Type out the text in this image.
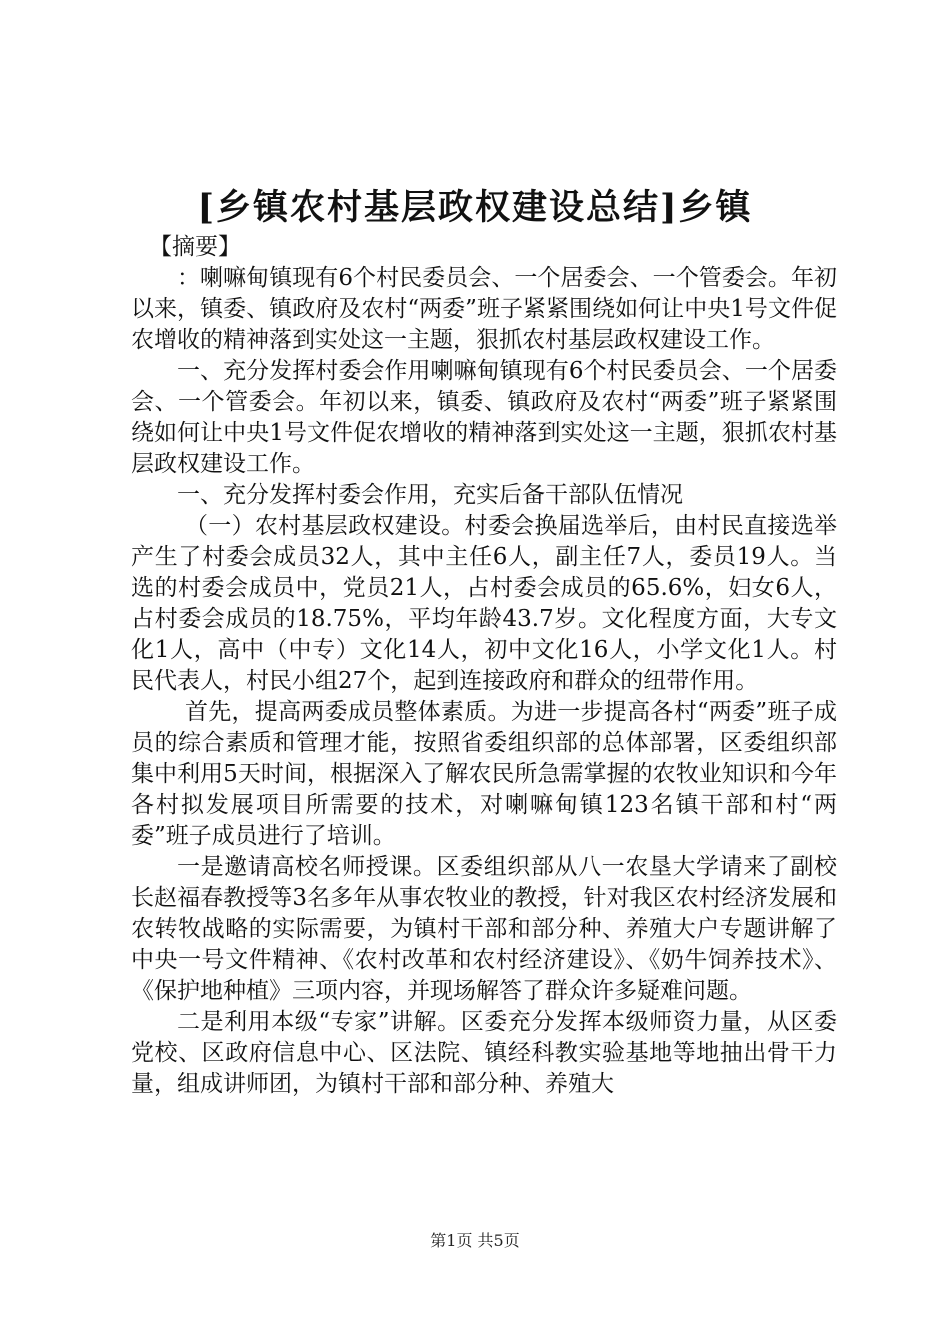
[乡镇农村基层政权建设总结]乡镇

【摘要】

：喇嘛甸镇现有6个村民委员会、一个居委会、一个管委会。年初以来，镇委、镇政府及农村“两委”班子紧紧围绕如何让中央1号文件促农增收的精神落到实处这一主题，狠抓农村基层政权建设工作。

一、充分发挥村委会作用喇嘛甸镇现有6个村民委员会、一个居委会、一个管委会。年初以来，镇委、镇政府及农村“两委”班子紧紧围绕如何让中央1号文件促农增收的精神落到实处这一主题，狠抓农村基层政权建设工作。

一、充分发挥村委会作用，充实后备干部队伍情况

（一）农村基层政权建设。村委会换届选举后，由村民直接选举产生了村委会成员32人，其中主任6人，副主任7人，委员19人。当选的村委会成员中，党员21人，占村委会成员的65.6%，妇女6人，占村委会成员的18.75%，平均年龄43.7岁。文化程度方面，大专文化1人，高中（中专）文化14人，初中文化16人，小学文化1人。村民代表人，村民小组27个，起到连接政府和群众的纽带作用。

首先，提高两委成员整体素质。为进一步提高各村“两委”班子成员的综合素质和管理才能，按照省委组织部的总体部署，区委组织部集中利用5天时间，根据深入了解农民所急需掌握的农牧业知识和今年各村拟发展项目所需要的技术，对喇嘛甸镇123名镇干部和村“两委”班子成员进行了培训。

一是邀请高校名师授课。区委组织部从八一农垦大学请来了副校长赵福春教授等3名多年从事农牧业的教授，针对我区农村经济发展和农转牧战略的实际需要，为镇村干部和部分种、养殖大户专题讲解了中央一号文件精神、《农村改革和农村经济建设》、《奶牛饲养技术》、《保护地种植》三项内容，并现场解答了群众许多疑难问题。

二是利用本级“专家”讲解。区委充分发挥本级师资力量，从区委党校、区政府信息中心、区法院、镇经科教实验基地等地抽出骨干力量，组成讲师团，为镇村干部和部分种、养殖大

第1页 共5页
